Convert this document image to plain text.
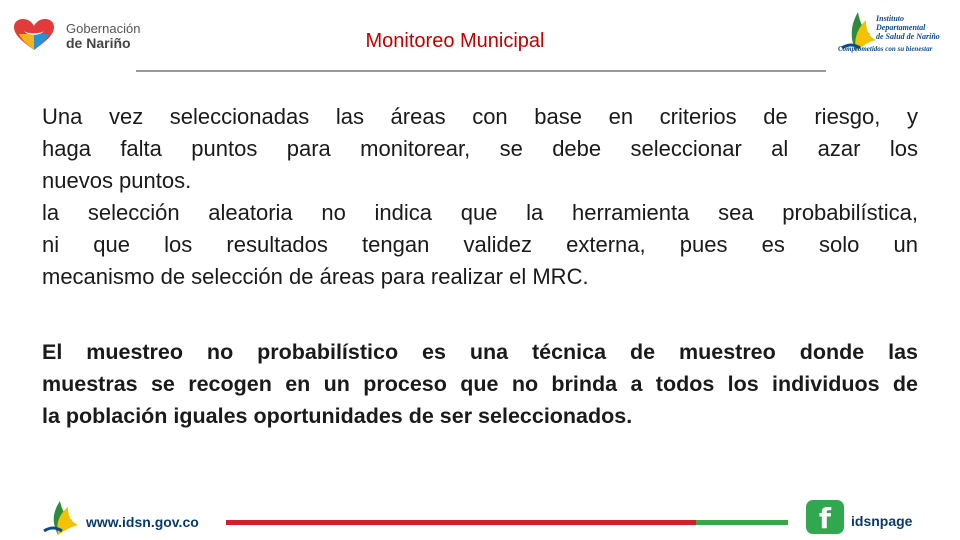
Gobernación
de Nariño	Monitoreo Municipal
Instituto
Departamental
de Salud de Nariño
Comprometidos con su bienestar
Una vez seleccionadas las áreas con base en criterios de riesgo, y
haga falta puntos para monitorear, se debe seleccionar al azar los
nuevos puntos.
la selección aleatoria no indica que la herramienta sea probabilística,
ni que los resultados tengan validez externa, pues es solo un
mecanismo de selección de áreas para realizar el MRC.
El muestreo no probabilístico es una técnica de muestreo donde las
muestras se recogen en un proceso que no brinda a todos los individuos de
la población iguales oportunidades de ser seleccionados.
www.idsn.gov.co	f	idsnpage
